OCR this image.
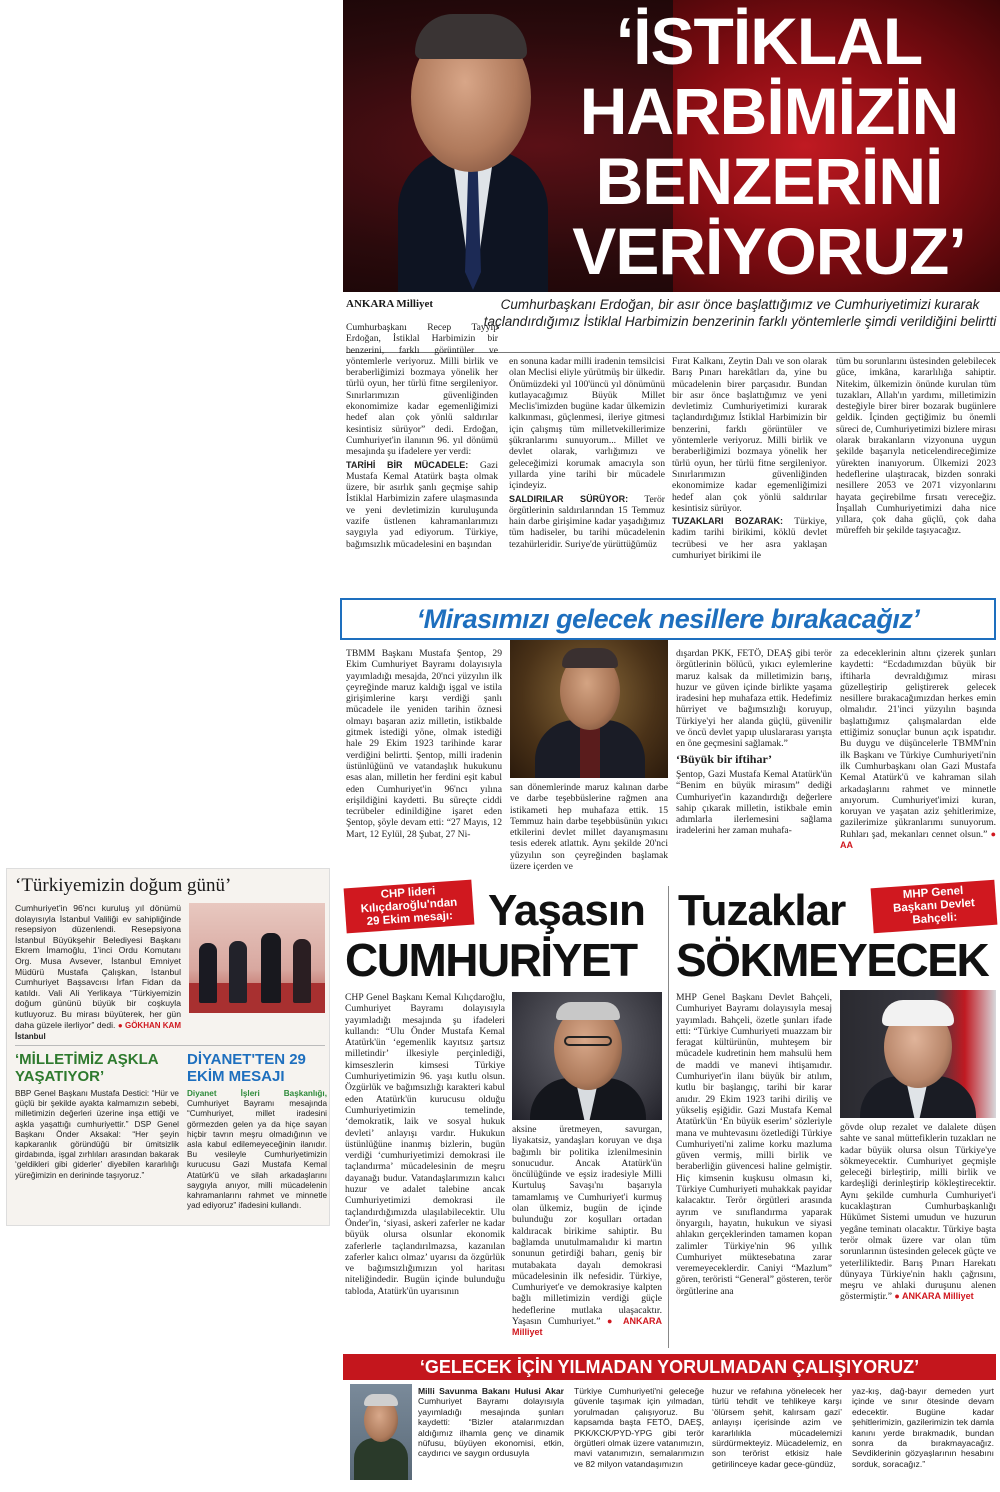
‘İSTİKLAL
HARBİMİZİN
BENZERİNİ
VERİYORUZ’
ANKARA Milliyet	Cumhurbaşkanı Erdoğan, bir asır önce başlattığımız ve Cumhuriyetimizi kurarak taçlandırdığımız İstiklal Harbimizin benzerinin farklı yöntemlerle şimdi verildiğini belirtti

Cumhurbaşkanı Recep Tayyip Erdoğan, İstiklal Harbimizin bir benzerini, farklı görüntüler ve yöntemlerle veriyoruz. Milli birlik ve beraberliğimizi bozmaya yönelik her türlü oyun, her türlü fitne sergileniyor. Sınırlarımızın güvenliğinden ekonomimize kadar egemenliğimizi hedef alan çok yönlü saldırılar kesintisiz sürüyor” dedi. Erdoğan, Cumhuriyet'in ilanının 96. yıl dönümü mesajında şu ifadelere yer verdi:

TARİHİ BİR MÜCADELE: Gazi Mustafa Kemal Atatürk başta olmak üzere, bir asırlık şanlı geçmişe sahip İstiklal Harbimizin zafere ulaşmasında ve yeni devletimizin kuruluşunda vazife üstlenen kahramanlarımızı saygıyla yad ediyorum. Türkiye, bağımsızlık mücadelesini en başından

en sonuna kadar milli iradenin temsilcisi olan Meclisi eliyle yürütmüş bir ülkedir. Önümüzdeki yıl 100'üncü yıl dönümünü kutlayacağımız Büyük Millet Meclis'imizden bugüne kadar ülkemizin kalkınması, güçlenmesi, ileriye gitmesi için çalışmış tüm milletvekillerimize şükranlarımı sunuyorum... Millet ve devlet olarak, varlığımızı ve geleceğimizi korumak amacıyla son yıllarda yine tarihi bir mücadele içindeyiz.

SALDIRILAR SÜRÜYOR: Terör örgütlerinin saldırılarından 15 Temmuz hain darbe girişimine kadar yaşadığımız tüm hadiseler, bu tarihi mücadelenin tezahürleridir. Suriye'de yürüttüğümüz

Fırat Kalkanı, Zeytin Dalı ve son olarak Barış Pınarı harekâtları da, yine bu mücadelenin birer parçasıdır. Bundan bir asır önce başlattığımız ve yeni devletimiz Cumhuriyetimizi kurarak taçlandırdığımız İstiklal Harbimizin bir benzerini, farklı görüntüler ve yöntemlerle veriyoruz. Milli birlik ve beraberliğimizi bozmaya yönelik her türlü oyun, her türlü fitne sergileniyor. Sınırlarımızın güvenliğinden ekonomimize kadar egemenliğimizi hedef alan çok yönlü saldırılar kesintisiz sürüyor.

TUZAKLARI BOZARAK: Türkiye, kadim tarihi birikimi, köklü devlet tecrübesi ve her asra yaklaşan cumhuriyet birikimi ile

tüm bu sorunlarını üstesinden gelebilecek güce, imkâna, kararlılığa sahiptir. Nitekim, ülkemizin önünde kurulan tüm tuzakları, Allah'ın yardımı, milletimizin desteğiyle birer birer bozarak bugünlere geldik. İçinden geçtiğimiz bu önemli süreci de, Cumhuriyetimizi bizlere mirası olarak bırakanların vizyonuna uygun şekilde başarıyla neticelendireceğimize yürekten inanıyorum. Ülkemizi 2023 hedeflerine ulaştıracak, bizden sonraki nesillere 2053 ve 2071 vizyonlarını hayata geçirebilme fırsatı vereceğiz. İnşallah Cumhuriyetimizi daha nice yıllara, çok daha güçlü, çok daha müreffeh bir şekilde taşıyacağız.

‘Mirasımızı gelecek nesillere bırakacağız’

TBMM Başkanı Mustafa Şentop, 29 Ekim Cumhuriyet Bayramı dolayısıyla yayımladığı mesajda, 20'nci yüzyılın ilk çeyreğinde maruz kaldığı işgal ve istila girişimlerine karşı verdiği şanlı mücadele ile yeniden tarihin öznesi olmayı başaran aziz milletin, istikbalde gitmek istediği yöne, olmak istediği hale 29 Ekim 1923 tarihinde karar verdiğini belirtti. Şentop, milli iradenin üstünlüğünü ve vatandaşlık hukukunu esas alan, milletin her ferdini eşit kabul eden Cumhuriyet'in 96'ncı yılına erişildiğini kaydetti. Bu süreçte ciddi tecrübeler edinildiğine işaret eden Şentop, şöyle devam etti: “27 Mayıs, 12 Mart, 12 Eylül, 28 Şubat, 27 Ni-

san dönemlerinde maruz kalınan darbe ve darbe teşebbüslerine rağmen ana istikameti hep muhafaza ettik. 15 Temmuz hain darbe teşebbüsünün yıkıcı etkilerini devlet millet dayanışmasını tesis ederek atlattık. Aynı şekilde 20'nci yüzyılın son çeyreğinden başlamak üzere içerden ve

dışardan PKK, FETÖ, DEAŞ gibi terör örgütlerinin bölücü, yıkıcı eylemlerine maruz kalsak da milletimizin barış, huzur ve güven içinde birlikte yaşama iradesini hep muhafaza ettik. Hedefimiz hürriyet ve bağımsızlığı koruyup, Türkiye'yi her alanda güçlü, güvenilir ve öncü devlet yapıp uluslararası yarışta en öne geçmesini sağlamak.”

‘Büyük bir iftihar’

Şentop, Gazi Mustafa Kemal Atatürk'ün “Benim en büyük mirasım” dediği Cumhuriyet'in kazandırdığı değerlere sahip çıkarak milletin, istikbale emin adımlarla ilerlemesini sağlama iradelerini her zaman muhafa-

za edeceklerinin altını çizerek şunları kaydetti: “Ecdadımızdan büyük bir iftiharla devraldığımız mirası güzelleştirip geliştirerek gelecek nesillere bırakacağımızdan herkes emin olmalıdır. 21'inci yüzyılın başında başlattığımız çalışmalardan elde ettiğimiz sonuçlar bunun açık ispatıdır. Bu duygu ve düşüncelerle TBMM'nin ilk Başkanı ve Türkiye Cumhuriyeti'nin ilk Cumhurbaşkanı olan Gazi Mustafa Kemal Atatürk'ü ve kahraman silah arkadaşlarını rahmet ve minnetle anıyorum. Cumhuriyet'imizi kuran, koruyan ve yaşatan aziz şehitlerimize, gazilerimize şükranlarımı sunuyorum. Ruhları şad, mekanları cennet olsun.” ● AA

‘Türkiyemizin doğum günü’
Cumhuriyet'in 96'ncı kuruluş yıl dönümü dolayısıyla İstanbul Valiliği ev sahipliğinde resepsiyon düzenlendi. Resepsiyona İstanbul Büyükşehir Belediyesi Başkanı Ekrem İmamoğlu, 1'inci Ordu Komutanı Org. Musa Avsever, İstanbul Emniyet Müdürü Mustafa Çalışkan, İstanbul Cumhuriyet Başsavcısı İrfan Fidan da katıldı. Vali Ali Yerlikaya “Türkiyemizin doğum gününü büyük bir coşkuyla kutluyoruz. Bu mirası büyüterek, her gün daha güzele ilerliyor” dedi. ● GÖKHAN KAM İstanbul
‘MİLLETİMİZ AŞKLA YAŞATIYOR’
BBP Genel Başkanı Mustafa Destici: “Hür ve güçlü bir şekilde ayakta kalmamızın sebebi, milletimizin değerleri üzerine inşa ettiği ve aşkla yaşattığı cumhuriyettir.” DSP Genel Başkanı Önder Aksakal: “Her şeyin kapkaranlık göründüğü bir ümitsizlik girdabında, işgal zırhlıları arasından bakarak ‘geldikleri gibi giderler’ diyebilen kararlılığı yüreğimizin en derininde taşıyoruz.”
DİYANET'TEN 29 EKİM MESAJI
Diyanet İşleri Başkanlığı, Cumhuriyet Bayramı mesajında “Cumhuriyet, millet iradesini görmezden gelen ya da hiçe sayan hiçbir tavrın meşru olmadığının ve asla kabul edilemeyeceğinin ilanıdır. Bu vesileyle Cumhuriyetimizin kurucusu Gazi Mustafa Kemal Atatürk'ü ve silah arkadaşlarını saygıyla anıyor, milli mücadelenin kahramanlarını rahmet ve minnetle yad ediyoruz” ifadesini kullandı.
CHP lideri
Kılıçdaroğlu'ndan
29 Ekim mesajı: Yaşasın
CUMHURİYET

CHP Genel Başkanı Kemal Kılıçdaroğlu, Cumhuriyet Bayramı dolayısıyla yayımladığı mesajında şu ifadeleri kullandı: “Ulu Önder Mustafa Kemal Atatürk'ün ‘egemenlik kayıtsız şartsız milletindir’ ilkesiyle perçinlediği, kimseszlerin kimsesi Türkiye Cumhuriyetimizin 96. yaşı kutlu olsun. Özgürlük ve bağımsızlığı karakteri kabul eden Atatürk'ün kurucusu olduğu Cumhuriyetimizin temelinde, ‘demokratik, laik ve sosyal hukuk devleti’ anlayışı vardır. Hukukun üstünlüğüne inanmış bizlerin, bugün verdiği ‘cumhuriyetimizi demokrasi ile taçlandırma’ mücadelesinin de meşru dayanağı budur. Vatandaşlarımızın kalıcı huzur ve adalet talebine ancak Cumhuriyetimizi demokrasi ile taçlandırdığımızda ulaşılabilecektir. Ulu Önder'in, ‘siyasi, askeri zaferler ne kadar büyük olursa olsunlar ekonomik zaferlerle taçlandırılmazsa, kazanılan zaferler kalıcı olmaz’ uyarısı da özgürlük ve bağımsızlığımızın yol haritası niteliğindedir. Bugün içinde bulunduğu tabloda, Atatürk'ün uyarısının

aksine üretmeyen, savurgan, liyakatsiz, yandaşları koruyan ve dışa bağımlı bir politika izlenilmesinin sonucudur. Ancak Atatürk'ün öncülüğünde ve eşsiz iradesiyle Milli Kurtuluş Savaşı'nı başarıyla tamamlamış ve Cumhuriyet'i kurmuş olan ülkemiz, bugün de içinde bulunduğu zor koşulları ortadan kaldıracak birikime sahiptir. Bu bağlamda unutulmamalıdır ki martın sonunun getirdiği baharı, geniş bir mutabakata dayalı demokrasi mücadelesinin ilk nefesidir. Türkiye, Cumhuriyet'e ve demokrasiye kalpten bağlı milletimizin verdiği güçle hedeflerine mutlaka ulaşacaktır. Yaşasın Cumhuriyet.” ● ANKARA Milliyet

Tuzaklar	MHP Genel
Başkanı Devlet
Bahçeli:
SÖKMEYECEK

MHP Genel Başkanı Devlet Bahçeli, Cumhuriyet Bayramı dolayısıyla mesaj yayımladı. Bahçeli, özetle şunları ifade etti: “Türkiye Cumhuriyeti muazzam bir feragat kültürünün, muhteşem bir mücadele kudretinin hem mahsulü hem de maddi ve manevi ihtişamıdır. Cumhuriyet'in ilanı büyük bir atılım, kutlu bir başlangıç, tarihi bir karar anıdır. 29 Ekim 1923 tarihi diriliş ve yükseliş eşiğidir. Gazi Mustafa Kemal Atatürk'ün ‘En büyük eserim’ sözleriyle mana ve muhtevasını özetlediği Türkiye Cumhuriyeti'ni zalime korku mazluma güven vermiş, milli birlik ve beraberliğin güvencesi haline gelmiştir. Hiç kimsenin kuşkusu olmasın ki, Türkiye Cumhuriyeti muhakkak payidar kalacaktır. Terör örgütleri arasında ayrım ve sınıflandırma yaparak önyargılı, hayatın, hukukun ve siyasi ahlakın gerçeklerinden tamamen kopan zalimler Türkiye'nin 96 yıllık Cumhuriyet müktesebatına zarar veremeyeceklerdir. Caniyi “Mazlum” gören, teröristi “General” gösteren, terör örgütlerine ana

gövde olup rezalet ve dalalete düşen sahte ve sanal müttefiklerin tuzakları ne kadar büyük olursa olsun Türkiye'ye sökmeyecektir. Cumhuriyet geçmişle geleceği birleştirip, milli birlik ve kardeşliği derinleştirip kökleştirecektir. Aynı şekilde cumhurla Cumhuriyet'i kucaklaştıran Cumhurbaşkanlığı Hükümet Sistemi umudun ve huzurun yegâne teminatı olacaktır. Türkiye başta terör olmak üzere var olan tüm sorunlarının üstesinden gelecek güçte ve yeterliliktedir. Barış Pınarı Harekatı dünyaya Türkiye'nin haklı çağrısını, meşru ve ahlaki duruşunu alenen göstermiştir.” ● ANKARA Milliyet

‘GELECEK İÇİN YILMADAN YORULMADAN ÇALIŞIYORUZ’
Milli Savunma Bakanı Hulusi Akar Cumhuriyet Bayramı dolayısıyla yayımladığı mesajında şunları kaydetti: “Bizler atalarımızdan aldığımız ilhamla genç ve dinamik nüfusu, büyüyen ekonomisi, etkin, caydırıcı ve saygın ordusuyla
Türkiye Cumhuriyeti'ni geleceğe güvenle taşımak için yılmadan, yorulmadan çalışıyoruz. Bu kapsamda başta FETÖ, DAEŞ, PKK/KCK/PYD-YPG gibi terör örgütleri olmak üzere vatanımızın, mavi vatanımızın, semalarımızın ve 82 milyon vatandaşımızın
huzur ve refahına yönelecek her türlü tehdit ve tehlikeye karşı ‘ölürsem şehit, kalırsam gazi’ anlayışı içerisinde azim ve kararlılıkla mücadelemizi sürdürmekteyiz. Mücadelemiz, en son terörist etkisiz hale getirilinceye kadar gece-gündüz,
yaz-kış, dağ-bayır demeden yurt içinde ve sınır ötesinde devam edecektir. Bugüne kadar şehitlerimizin, gazilerimizin tek damla kanını yerde bırakmadık, bundan sonra da bırakmayacağız. Sevdiklerinin gözyaşlarının hesabını sorduk, soracağız.”
